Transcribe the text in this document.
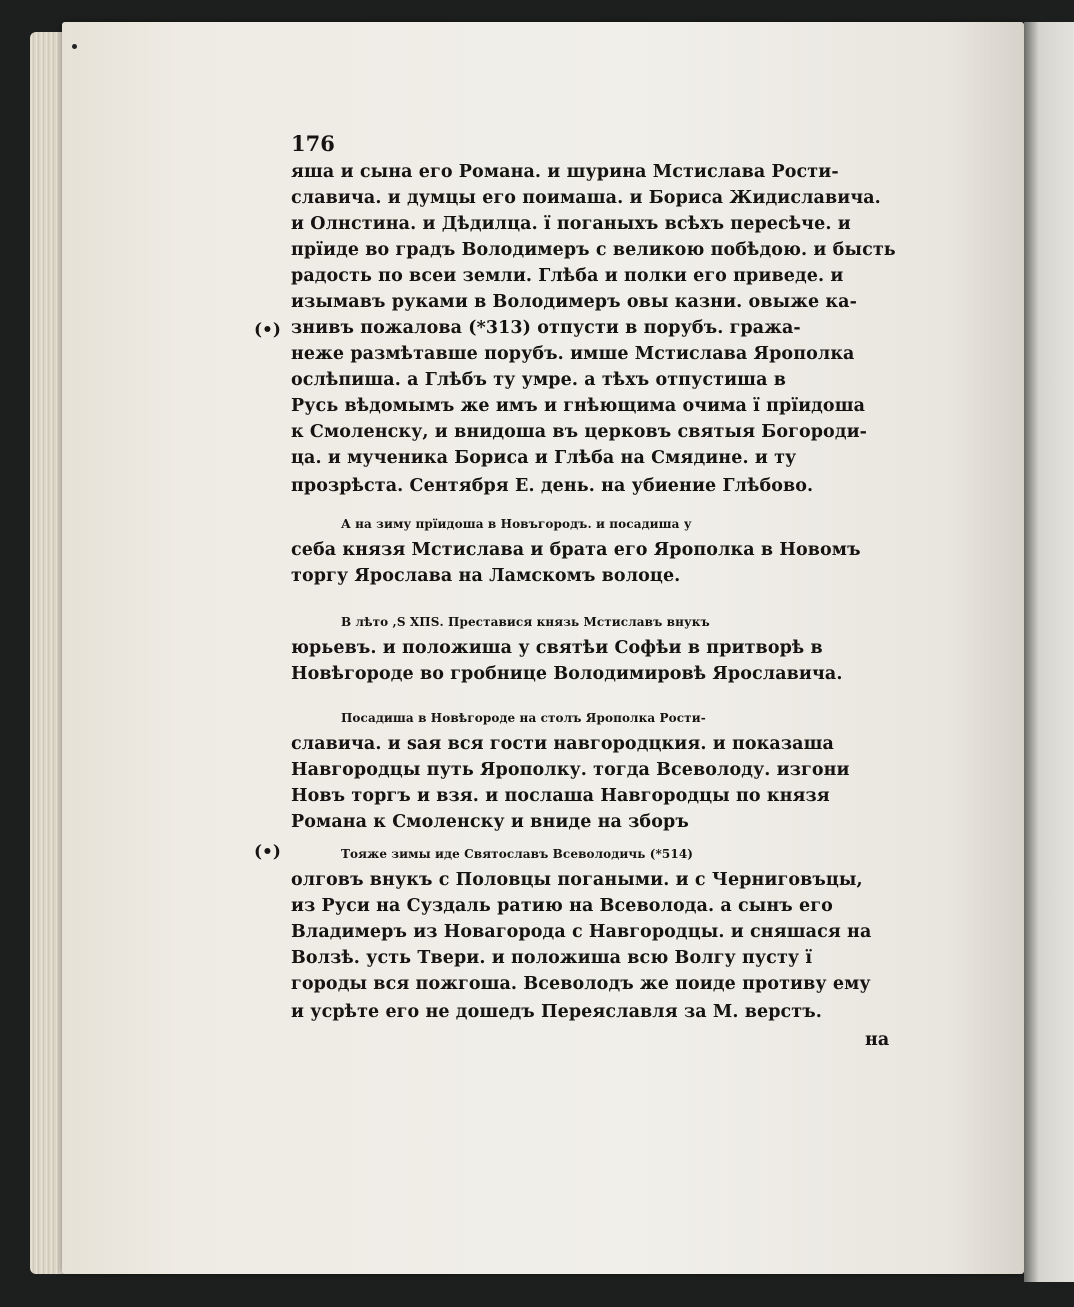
176
(•)
(•)
яша и сына его Романа. и шурина Мстислава Рости-
славича. и думцы его поимаша. и Бориса Жидиславича.
и Олнстина. и Дѣдилца. ї поганыхъ всѣхъ пересѣче. и
прїиде во градъ Володимеръ с великою побѣдою. и бысть
радость по всеи земли. Глѣба и полки его приведе. и
изымавъ руками в Володимеръ овы казни. овыже ка-
знивъ пожалова (*313) отпусти в порубъ. гража-
неже размѣтавше порубъ. имше Мстислава Ярополка
ослѣпиша. а Глѣбъ ту умре. а тѣхъ отпустиша в
Русь вѣдомымъ же имъ и гнѣющима очима ї прїидоша
к Смоленску, и внидоша въ церковъ святыя Богороди-
ца. и мученика Бориса и Глѣба на Смядине. и ту
прозрѣста. Сентября Е. день. на убиение Глѣбово.
А на зиму прїидоша в Новъгородъ. и посадиша у
себа князя Мстислава и брата его Ярополка в Новомъ
торгу Ярослава на Ламскомъ волоце.
В лѣто ,Ѕ ХПЅ. Преставися князь Мстиславъ внукъ
юрьевъ. и положиша у святѣи Софѣи в притворѣ в
Новѣгороде во гробнице Володимировѣ Ярославича.
Посадиша в Новѣгороде на столъ Ярополка Рости-
славича. и sая вся гости навгородцкия. и показаша
Навгородцы путь Ярополку. тогда Всеволоду. изгони
Новъ торгъ и взя. и послаша Навгородцы по князя
Романа к Смоленску и вниде на зборъ
Тояже зимы иде Святославъ Всеволодичь (*514)
олговъ внукъ с Половцы погаными. и с Черниговъцы,
из Руси на Суздаль ратию на Всеволода. а сынъ его
Владимеръ из Новагорода с Навгородцы. и сняшася на
Волзѣ. усть Твери. и положиша всю Волгу пусту ї
городы вся пожгоша. Всеволодъ же поиде противу ему
и усрѣте его не дошедъ Переяславля за М. верстъ.
на
